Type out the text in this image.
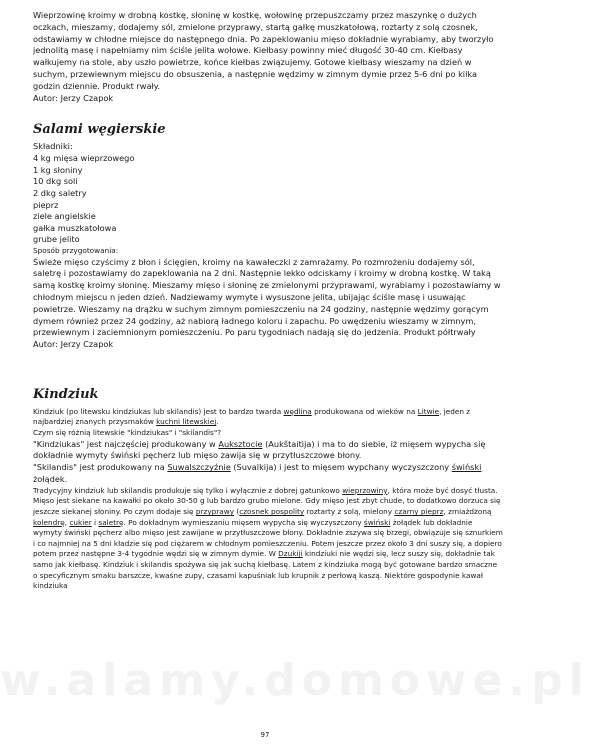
Wieprzowinę kroimy w drobną kostkę, słoninę w kostkę, wołowinę przepuszczamy przez maszynkę o dużych oczkach, mieszamy, dodajemy sól, zmielone przyprawy, startą gałkę muszkatołową, roztarty z solą czosnek, odstawiamy w chłodne miejsce do następnego dnia. Po zapeklowaniu mięso dokładnie wyrabiamy, aby tworzyło jednolitą masę i napełniamy nim ściśle jelita wołowe. Kiełbasy powinny mieć długość 30-40 cm. Kiełbasy wałkujemy na stole, aby uszło powietrze, końce kiełbas związujemy. Gotowe kiełbasy wieszamy na dzień w suchym, przewiewnym miejscu do obsuszenia, a następnie wędzimy w zimnym dymie przez 5-6 dni po kilka godzin dziennie. Produkt rwały.

Autor: Jerzy Czapok

Salami węgierskie

Składniki:

4 kg mięsa wieprzowego
1 kg słoniny
10 dkg soli
2 dkg saletry
pieprz
ziele angielskie
gałka muszkatołowa
grube jelito

Sposób przygotowania:

Świeże mięso czyścimy z błon i ścięgien, kroimy na kawałeczki z zamrażamy. Po rozmrożeniu dodajemy sól, saletrę i pozostawiamy do zapeklowania na 2 dni. Następnie lekko odciskamy i kroimy w drobną kostkę. W taką samą kostkę kroimy słoninę. Mieszamy mięso i słoninę ze zmielonymi przyprawami, wyrabiamy i pozostawiamy w chłodnym miejscu n jeden dzień. Nadziewamy wymyte i wysuszone jelita, ubijając ściśle masę i usuwając powietrze. Wieszamy na drążku w suchym zimnym pomieszczeniu na 24 godziny, następnie wędzimy gorącym dymem również przez 24 godziny, aż nabiorą ładnego koloru i zapachu. Po uwędzeniu wieszamy w zimnym, przewiewnym i zaciemnionym pomieszczeniu. Po paru tygodniach nadają się do jedzenia. Produkt półtrwały

Autor: Jerzy Czapok

Kindziuk

Kindziuk (po litewsku kindziukas lub skilandis) jest to bardzo twarda wędlina produkowana od wieków na Litwie, jeden z najbardziej znanych przysmaków kuchni litewskiej.

Czym się różnią litewskie "kindziukas" i "skilandis"?

"Kindziukas" jest najczęściej produkowany w Aukszt⁠ocie (Aukštaitija) i ma to do siebie, iż mięsem wypycha się dokładnie wymyty świński pęcherz lub mięso zawija się w przytłuszczowe błony.

"Skilandis" jest produkowany na Suwalszczyźnie (Suvalkija) i jest to mięsem wypchany wyczyszczony świński żołądek.

Tradycyjny kindziuk lub skilandis produkuje się tylko i wyłącznie z dobrej gatunkowo wieprzowiny, która może być dosyć tłusta. Mięso jest siekane na kawałki po około 30-50 g lub bardzo grubo mielone. Gdy mięso jest zbyt chude, to dodatkowo dorzuca się jeszcze siekanej słoniny. Po czym dodaje się przyprawy (czosnek pospolity roztarty z solą, mielony czarny pieprz, zmiażdżoną kolendrę, cukier i saletrę. Po dokładnym wymieszaniu mięsem wypycha się wyczyszczony świński żołądek lub dokładnie wymyty świński pęcherz albo mięso jest zawijane w przytłuszczowe błony. Dokładnie zszywa się brzegi, obwiązuje się sznurkiem i co najmniej na 5 dni kładzie się pod ciężarem w chłodnym pomieszczeniu. Potem jeszcze przez około 3 dni suszy się, a dopiero potem przez następne 3-4 tygodnie wędzi się w zimnym dymie. W Dzukiji kindziuki nie wędzi się, lecz suszy się, dokładnie tak samo jak kiełbasę. Kindziuk i skilandis spożywa się jak suchą kiełbasę. Latem z kindziuka mogą być gotowane bardzo smaczne o specyficznym smaku barszcze, kwaśne zupy, czasami kapuśniak lub krupnik z perłową kaszą. Niektóre gospodynie kawał kindziuka

w.alamy.domowe.pl
97
